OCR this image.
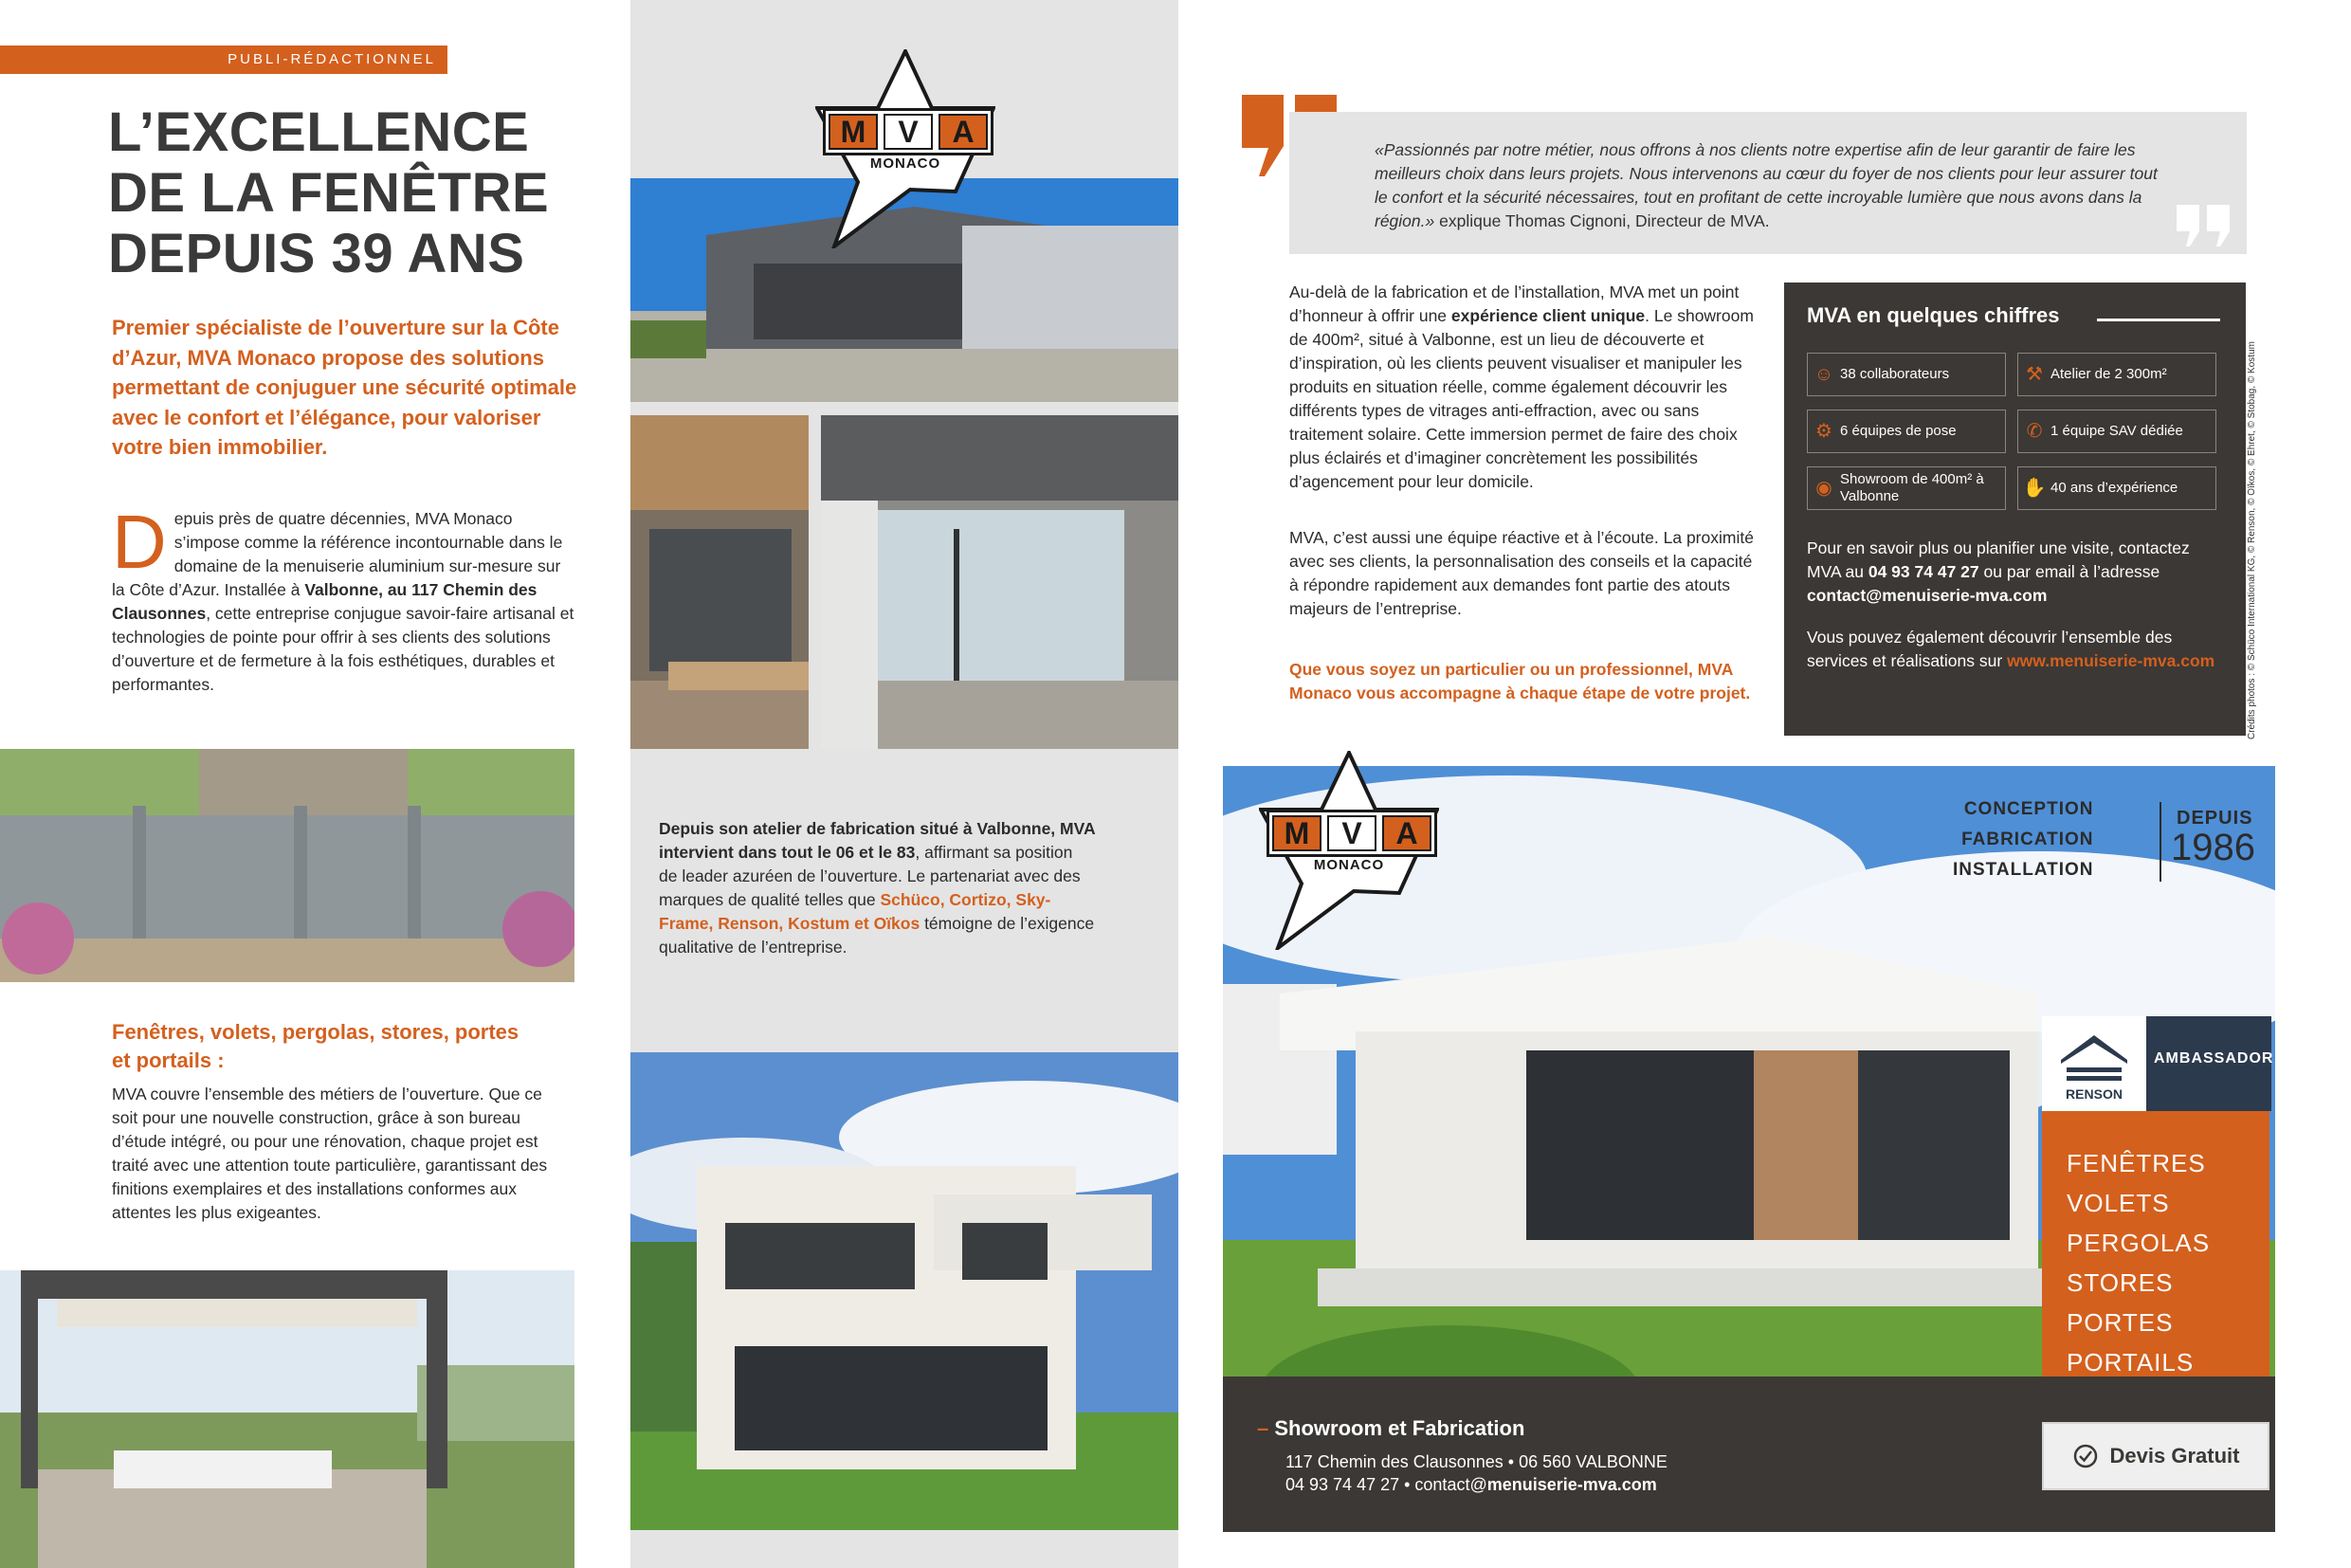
PUBLI-RÉDACTIONNEL
L’EXCELLENCE
DE LA FENÊTRE
DEPUIS 39 ANS
Premier spécialiste de l’ouverture sur la Côte d’Azur, MVA Monaco propose des solutions permettant de conjuguer une sécurité optimale avec le confort et l’élégance, pour valoriser votre bien immobilier.
Depuis près de quatre décennies, MVA Monaco s’impose comme la référence incontournable dans le domaine de la menuiserie aluminium sur-mesure sur la Côte d’Azur. Installée à Valbonne, au 117 Chemin des Clausonnes, cette entreprise conjugue savoir-faire artisanal et technologies de pointe pour offrir à ses clients des solutions d’ouverture et de fermeture à la fois esthétiques, durables et performantes.
Fenêtres, volets, pergolas, stores, portes et portails :
MVA couvre l’ensemble des métiers de l’ouverture. Que ce soit pour une nouvelle construction, grâce à son bureau d’étude intégré, ou pour une rénovation, chaque projet est traité avec une attention toute particulière, garantissant des finitions exemplaires et des installations conformes aux attentes les plus exigeantes.
M	V	A
MONACO
Depuis son atelier de fabrication situé à Valbonne, MVA intervient dans tout le 06 et le 83, affirmant sa position de leader azuréen de l’ouverture. Le partenariat avec des marques de qualité telles que Schüco, Cortizo, Sky-Frame, Renson, Kostum et Oïkos témoigne de l’exigence qualitative de l’entreprise.
«Passionnés par notre métier, nous offrons à nos clients notre expertise afin de leur garantir de faire les meilleurs choix dans leurs projets. Nous intervenons au cœur du foyer de nos clients pour leur assurer tout le confort et la sécurité nécessaires, tout en profitant de cette incroyable lumière que nous avons dans la région.» explique Thomas Cignoni, Directeur de MVA.
Au-delà de la fabrication et de l’installation, MVA met un point d’honneur à offrir une expérience client unique. Le showroom de 400m², situé à Valbonne, est un lieu de découverte et d’inspiration, où les clients peuvent visualiser et manipuler les produits en situation réelle, comme également découvrir les différents types de vitrages anti-effraction, avec ou sans traitement solaire. Cette immersion permet de faire des choix plus éclairés et d’imaginer concrètement les possibilités d’agencement pour leur domicile.
MVA, c’est aussi une équipe réactive et à l’écoute. La proximité avec ses clients, la personnalisation des conseils et la capacité à répondre rapidement aux demandes font partie des atouts majeurs de l’entreprise.
Que vous soyez un particulier ou un professionnel, MVA Monaco vous accompagne à chaque étape de votre projet.
MVA en quelques chiffres
☺ 38 collaborateurs	⚒ Atelier de 2 300m²
⚙ 6 équipes de pose	✆ 1 équipe SAV dédiée
◉ Showroom de 400m² à Valbonne	✋ 40 ans d’expérience
Pour en savoir plus ou planifier une visite, contactez MVA au 04 93 74 47 27 ou par email à l’adresse contact@menuiserie-mva.com
Vous pouvez également découvrir l’ensemble des services et réalisations sur www.menuiserie-mva.com	Crédits photos : © Schüco International KG, © Renson, © Oïkos, © Ehret, © Stobag, © Kostum
M	V	A
MONACO
CONCEPTION
FABRICATION
INSTALLATION
DEPUIS
1986
RENSON
AMBASSADOR
FENÊTRES
VOLETS
PERGOLAS
STORES
PORTES
PORTAILS
– Showroom et Fabrication
117 Chemin des Clausonnes • 06 560 VALBONNE
04 93 74 47 27 • contact@menuiserie-mva.com
Devis Gratuit
